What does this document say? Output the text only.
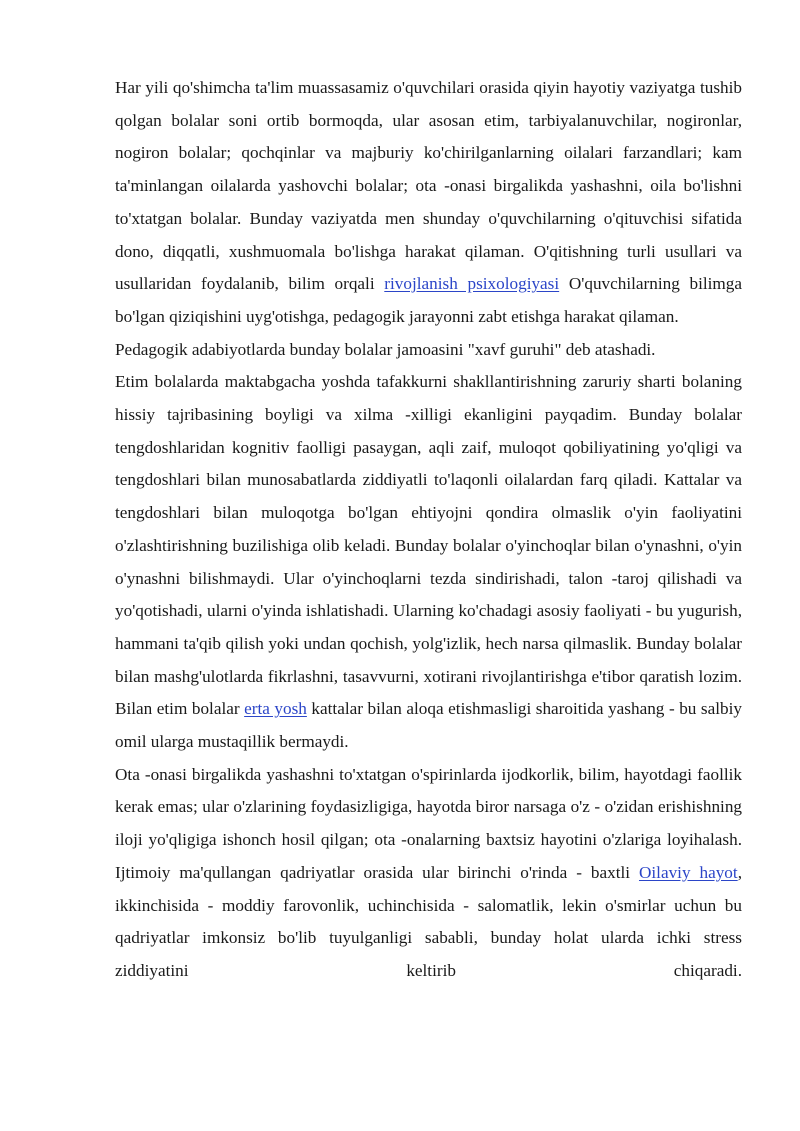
Har yili qo'shimcha ta'lim muassasamiz o'quvchilari orasida qiyin hayotiy vaziyatga tushib qolgan bolalar soni ortib bormoqda, ular asosan etim, tarbiyalanuvchilar, nogironlar, nogiron bolalar; qochqinlar va majburiy ko'chirilganlarning oilalari farzandlari; kam ta'minlangan oilalarda yashovchi bolalar; ota -onasi birgalikda yashashni, oila bo'lishni to'xtatgan bolalar. Bunday vaziyatda men shunday o'quvchilarning o'qituvchisi sifatida dono, diqqatli, xushmuomala bo'lishga harakat qilaman. O'qitishning turli usullari va usullaridan foydalanib, bilim orqali rivojlanish psixologiyasi O'quvchilarning bilimga bo'lgan qiziqishini uyg'otishga, pedagogik jarayonni zabt etishga harakat qilaman.

Pedagogik adabiyotlarda bunday bolalar jamoasini "xavf guruhi" deb atashadi.

Etim bolalarda maktabgacha yoshda tafakkurni shakllantirishning zaruriy sharti bolaning hissiy tajribasining boyligi va xilma -xilligi ekanligini payqadim. Bunday bolalar tengdoshlaridan kognitiv faolligi pasaygan, aqli zaif, muloqot qobiliyatining yo'qligi va tengdoshlari bilan munosabatlarda ziddiyatli to'laqonli oilalardan farq qiladi. Kattalar va tengdoshlari bilan muloqotga bo'lgan ehtiyojni qondira olmaslik o'yin faoliyatini o'zlashtirishning buzilishiga olib keladi. Bunday bolalar o'yinchoqlar bilan o'ynashni, o'yin o'ynashni bilishmaydi. Ular o'yinchoqlarni tezda sindirishadi, talon -taroj qilishadi va yo'qotishadi, ularni o'yinda ishlatishadi. Ularning ko'chadagi asosiy faoliyati - bu yugurish, hammani ta'qib qilish yoki undan qochish, yolg'izlik, hech narsa qilmaslik. Bunday bolalar bilan mashg'ulotlarda fikrlashni, tasavvurni, xotirani rivojlantirishga e'tibor qaratish lozim. Bilan etim bolalar erta yosh kattalar bilan aloqa etishmasligi sharoitida yashang - bu salbiy omil ularga mustaqillik bermaydi.

Ota -onasi birgalikda yashashni to'xtatgan o'spirinlarda ijodkorlik, bilim, hayotdagi faollik kerak emas; ular o'zlarining foydasizligiga, hayotda biror narsaga o'z - o'zidan erishishning iloji yo'qligiga ishonch hosil qilgan; ota -onalarning baxtsiz hayotini o'zlariga loyihalash. Ijtimoiy ma'qullangan qadriyatlar orasida ular birinchi o'rinda - baxtli Oilaviy hayot, ikkinchisida - moddiy farovonlik, uchinchisida - salomatlik, lekin o'smirlar uchun bu qadriyatlar imkonsiz bo'lib tuyulganligi sababli, bunday holat ularda ichki stress ziddiyatini keltirib chiqaradi.
